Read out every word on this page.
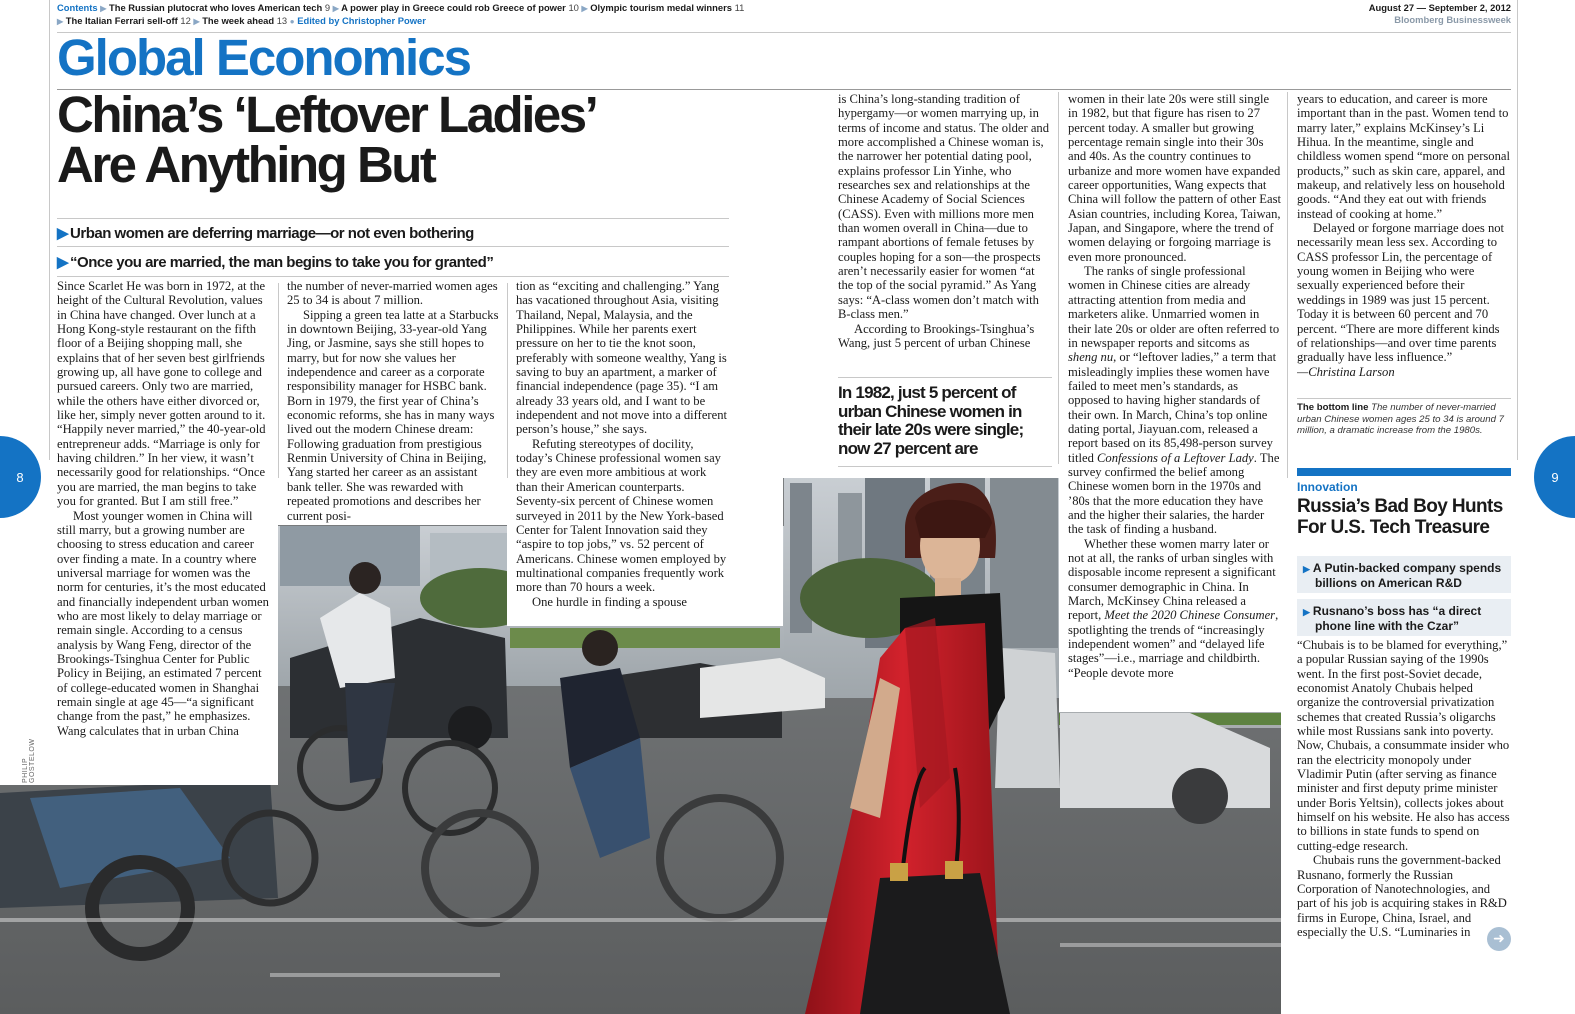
Contents ▶ The Russian plutocrat who loves American tech 9 ▶ A power play in Greece could rob Greece of power 10 ▶ Olympic tourism medal winners 11
▶ The Italian Ferrari sell-off 12 ▶ The week ahead 13 ● Edited by Christopher Power
August 27 — September 2, 2012
Bloomberg Businessweek
Global Economics
China’s ‘Leftover Ladies’
Are Anything But
▶ Urban women are deferring marriage—or not even bothering
▶ “Once you are married, the man begins to take you for granted”

Since Scarlet He was born in 1972, at the height of the Cultural Revolution, values in China have changed. Over lunch at a Hong Kong-style restaurant on the fifth floor of a Beijing shopping mall, she explains that of her seven best girlfriends growing up, all have gone to college and pursued careers. Only two are married, while the others have either divorced or, like her, simply never gotten around to it. “Happily never married,” the 40-year-old entrepreneur adds. “Marriage is only for having children.” In her view, it wasn’t necessarily good for relationships. “Once you are married, the man begins to take you for granted. But I am still free.”

Most younger women in China will still marry, but a growing number are choosing to stress education and career over finding a mate. In a country where universal marriage for women was the norm for centuries, it’s the most educated and financially independent urban women who are most likely to delay marriage or remain single. According to a census analysis by Wang Feng, director of the Brookings-Tsinghua Center for Public Policy in Beijing, an estimated 7 percent of college-educated women in Shanghai remain single at age 45—“a significant change from the past,” he emphasizes. Wang calculates that in urban China

the number of never-married women ages 25 to 34 is about 7 million.

Sipping a green tea latte at a Starbucks in downtown Beijing, 33-year-old Yang Jing, or Jasmine, says she still hopes to marry, but for now she values her independence and career as a corporate responsibility manager for HSBC bank. Born in 1979, the first year of China’s economic reforms, she has in many ways lived out the modern Chinese dream: Following graduation from prestigious Renmin University of China in Beijing, Yang started her career as an assistant bank teller. She was rewarded with repeated promotions and describes her current posi-

tion as “exciting and challenging.” Yang has vacationed throughout Asia, visiting Thailand, Nepal, Malaysia, and the Philippines. While her parents exert pressure on her to tie the knot soon, preferably with someone wealthy, Yang is saving to buy an apartment, a marker of financial independence (page 35). “I am already 33 years old, and I want to be independent and not move into a different person’s house,” she says.

Refuting stereotypes of docility, today’s Chinese professional women say they are even more ambitious at work than their American counterparts. Seventy-six percent of Chinese women surveyed in 2011 by the New York-based Center for Talent Innovation said they “aspire to top jobs,” vs. 52 percent of Americans. Chinese women employed by multinational companies frequently work more than 70 hours a week.

One hurdle in finding a spouse

is China’s long-standing tradition of hypergamy—or women marrying up, in terms of income and status. The older and more accomplished a Chinese woman is, the narrower her potential dating pool, explains professor Lin Yinhe, who researches sex and relationships at the Chinese Academy of Social Sciences (CASS). Even with millions more men than women overall in China—due to rampant abortions of female fetuses by couples hoping for a son—the prospects aren’t necessarily easier for women “at the top of the social pyramid.” As Yang says: “A-class women don’t match with B-class men.”

According to Brookings-Tsinghua’s Wang, just 5 percent of urban Chinese

In 1982, just 5 percent of urban Chinese women in their late 20s were single; now 27 percent are

women in their late 20s were still single in 1982, but that figure has risen to 27 percent today. A smaller but growing percentage remain single into their 30s and 40s. As the country continues to urbanize and more women have expanded career opportunities, Wang expects that China will follow the pattern of other East Asian countries, including Korea, Taiwan, Japan, and Singapore, where the trend of women delaying or forgoing marriage is even more pronounced.

The ranks of single professional women in Chinese cities are already attracting attention from media and marketers alike. Unmarried women in their late 20s or older are often referred to in newspaper reports and sitcoms as sheng nu, or “leftover ladies,” a term that misleadingly implies these women have failed to meet men’s standards, as opposed to having higher standards of their own. In March, China’s top online dating portal, Jiayuan.com, released a report based on its 85,498-person survey titled Confessions of a Leftover Lady. The survey confirmed the belief among Chinese women born in the 1970s and ’80s that the more education they have and the higher their salaries, the harder the task of finding a husband.

Whether these women marry later or not at all, the ranks of urban singles with disposable income represent a significant consumer demographic in China. In March, McKinsey China released a report, Meet the 2020 Chinese Consumer, spotlighting the trends of “increasingly independent women” and “delayed life stages”—i.e., marriage and childbirth. “People devote more

years to education, and career is more important than in the past. Women tend to marry later,” explains McKinsey’s Li Hihua. In the meantime, single and childless women spend “more on personal products,” such as skin care, apparel, and makeup, and relatively less on household goods. “And they eat out with friends instead of cooking at home.”

Delayed or forgone marriage does not necessarily mean less sex. According to CASS professor Lin, the percentage of young women in Beijing who were sexually experienced before their weddings in 1989 was just 15 percent. Today it is between 60 percent and 70 percent. “There are more different kinds of relationships—and over time parents gradually have less influence.”

—Christina Larson

The bottom line The number of never-married urban Chinese women ages 25 to 34 is around 7 million, a dramatic increase from the 1980s.
Innovation
Russia’s Bad Boy Hunts For U.S. Tech Treasure
▶ A Putin-backed company spends billions on American R&D
▶ Rusnano’s boss has “a direct phone line with the Czar”

“Chubais is to be blamed for everything,” a popular Russian saying of the 1990s went. In the first post-Soviet decade, economist Anatoly Chubais helped organize the controversial privatization schemes that created Russia’s oligarchs while most Russians sank into poverty. Now, Chubais, a consummate insider who ran the electricity monopoly under Vladimir Putin (after serving as finance minister and first deputy prime minister under Boris Yeltsin), collects jokes about himself on his website. He also has access to billions in state funds to spend on cutting-edge research.

Chubais runs the government-backed Rusnano, formerly the Russian Corporation of Nanotechnologies, and part of his job is acquiring stakes in R&D firms in Europe, China, Israel, and especially the U.S. “Luminaries in	➜
8	9
PHILIP GOSTELOW
